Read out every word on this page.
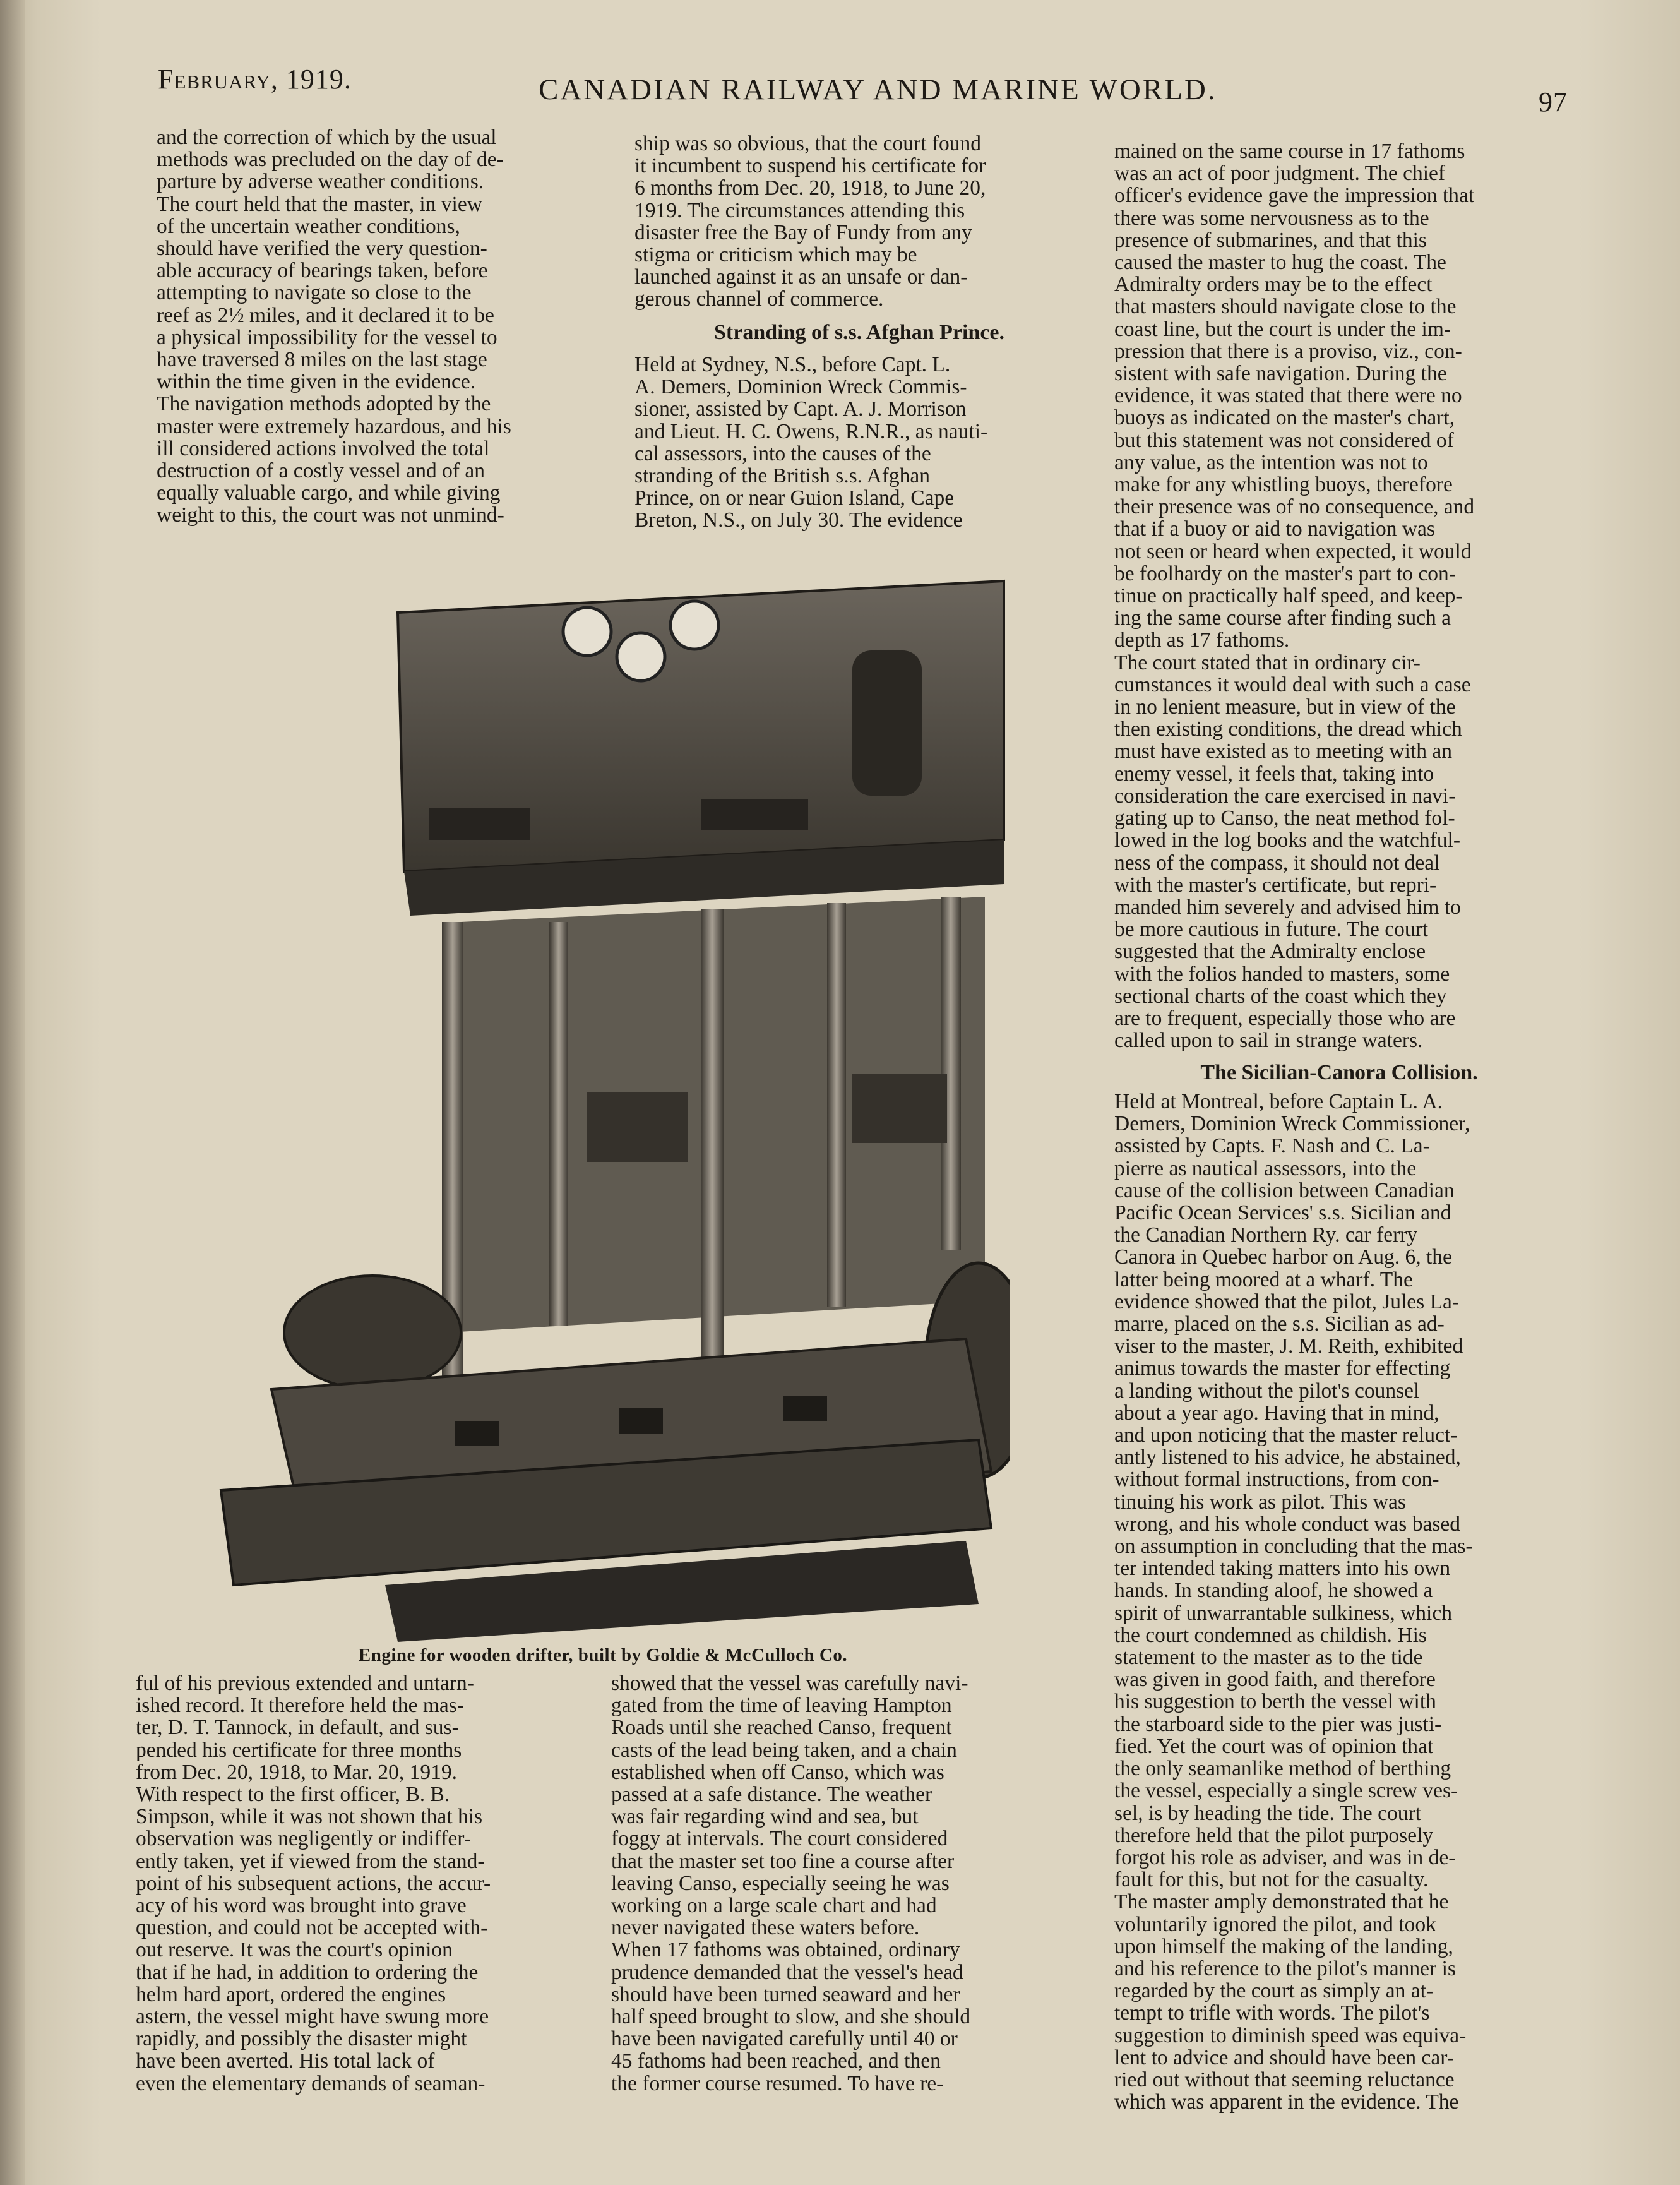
February, 1919.	CANADIAN RAILWAY AND MARINE WORLD.	97
and the correction of which by the usual
methods was precluded on the day of de-
parture by adverse weather conditions.
The court held that the master, in view
of the uncertain weather conditions,
should have verified the very question-
able accuracy of bearings taken, before
attempting to navigate so close to the
reef as 2½ miles, and it declared it to be
a physical impossibility for the vessel to
have traversed 8 miles on the last stage
within the time given in the evidence.
The navigation methods adopted by the
master were extremely hazardous, and his
ill considered actions involved the total
destruction of a costly vessel and of an
equally valuable cargo, and while giving
weight to this, the court was not unmind-
ship was so obvious, that the court found
it incumbent to suspend his certificate for
6 months from Dec. 20, 1918, to June 20,
1919. The circumstances attending this
disaster free the Bay of Fundy from any
stigma or criticism which may be
launched against it as an unsafe or dan-
gerous channel of commerce.
Stranding of s.s. Afghan Prince.
Held at Sydney, N.S., before Capt. L.
A. Demers, Dominion Wreck Commis-
sioner, assisted by Capt. A. J. Morrison
and Lieut. H. C. Owens, R.N.R., as nauti-
cal assessors, into the causes of the
stranding of the British s.s. Afghan
Prince, on or near Guion Island, Cape
Breton, N.S., on July 30. The evidence
mained on the same course in 17 fathoms
was an act of poor judgment. The chief
officer's evidence gave the impression that
there was some nervousness as to the
presence of submarines, and that this
caused the master to hug the coast. The
Admiralty orders may be to the effect
that masters should navigate close to the
coast line, but the court is under the im-
pression that there is a proviso, viz., con-
sistent with safe navigation. During the
evidence, it was stated that there were no
buoys as indicated on the master's chart,
but this statement was not considered of
any value, as the intention was not to
make for any whistling buoys, therefore
their presence was of no consequence, and
that if a buoy or aid to navigation was
not seen or heard when expected, it would
be foolhardy on the master's part to con-
tinue on practically half speed, and keep-
ing the same course after finding such a
depth as 17 fathoms.
The court stated that in ordinary cir-
cumstances it would deal with such a case
in no lenient measure, but in view of the
then existing conditions, the dread which
must have existed as to meeting with an
enemy vessel, it feels that, taking into
consideration the care exercised in navi-
gating up to Canso, the neat method fol-
lowed in the log books and the watchful-
ness of the compass, it should not deal
with the master's certificate, but repri-
manded him severely and advised him to
be more cautious in future. The court
suggested that the Admiralty enclose
with the folios handed to masters, some
sectional charts of the coast which they
are to frequent, especially those who are
called upon to sail in strange waters.
The Sicilian-Canora Collision.
Held at Montreal, before Captain L. A.
Demers, Dominion Wreck Commissioner,
assisted by Capts. F. Nash and C. La-
pierre as nautical assessors, into the
cause of the collision between Canadian
Pacific Ocean Services' s.s. Sicilian and
the Canadian Northern Ry. car ferry
Canora in Quebec harbor on Aug. 6, the
latter being moored at a wharf. The
evidence showed that the pilot, Jules La-
marre, placed on the s.s. Sicilian as ad-
viser to the master, J. M. Reith, exhibited
animus towards the master for effecting
a landing without the pilot's counsel
about a year ago. Having that in mind,
and upon noticing that the master reluct-
antly listened to his advice, he abstained,
without formal instructions, from con-
tinuing his work as pilot. This was
wrong, and his whole conduct was based
on assumption in concluding that the mas-
ter intended taking matters into his own
hands. In standing aloof, he showed a
spirit of unwarrantable sulkiness, which
the court condemned as childish. His
statement to the master as to the tide
was given in good faith, and therefore
his suggestion to berth the vessel with
the starboard side to the pier was justi-
fied. Yet the court was of opinion that
the only seamanlike method of berthing
the vessel, especially a single screw ves-
sel, is by heading the tide. The court
therefore held that the pilot purposely
forgot his role as adviser, and was in de-
fault for this, but not for the casualty.
The master amply demonstrated that he
voluntarily ignored the pilot, and took
upon himself the making of the landing,
and his reference to the pilot's manner is
regarded by the court as simply an at-
tempt to trifle with words. The pilot's
suggestion to diminish speed was equiva-
lent to advice and should have been car-
ried out without that seeming reluctance
which was apparent in the evidence. The
ful of his previous extended and untarn-
ished record. It therefore held the mas-
ter, D. T. Tannock, in default, and sus-
pended his certificate for three months
from Dec. 20, 1918, to Mar. 20, 1919.
With respect to the first officer, B. B.
Simpson, while it was not shown that his
observation was negligently or indiffer-
ently taken, yet if viewed from the stand-
point of his subsequent actions, the accur-
acy of his word was brought into grave
question, and could not be accepted with-
out reserve. It was the court's opinion
that if he had, in addition to ordering the
helm hard aport, ordered the engines
astern, the vessel might have swung more
rapidly, and possibly the disaster might
have been averted. His total lack of
even the elementary demands of seaman-
showed that the vessel was carefully navi-
gated from the time of leaving Hampton
Roads until she reached Canso, frequent
casts of the lead being taken, and a chain
established when off Canso, which was
passed at a safe distance. The weather
was fair regarding wind and sea, but
foggy at intervals. The court considered
that the master set too fine a course after
leaving Canso, especially seeing he was
working on a large scale chart and had
never navigated these waters before.
When 17 fathoms was obtained, ordinary
prudence demanded that the vessel's head
should have been turned seaward and her
half speed brought to slow, and she should
have been navigated carefully until 40 or
45 fathoms had been reached, and then
the former course resumed. To have re-
Engine for wooden drifter, built by Goldie & McCulloch Co.
